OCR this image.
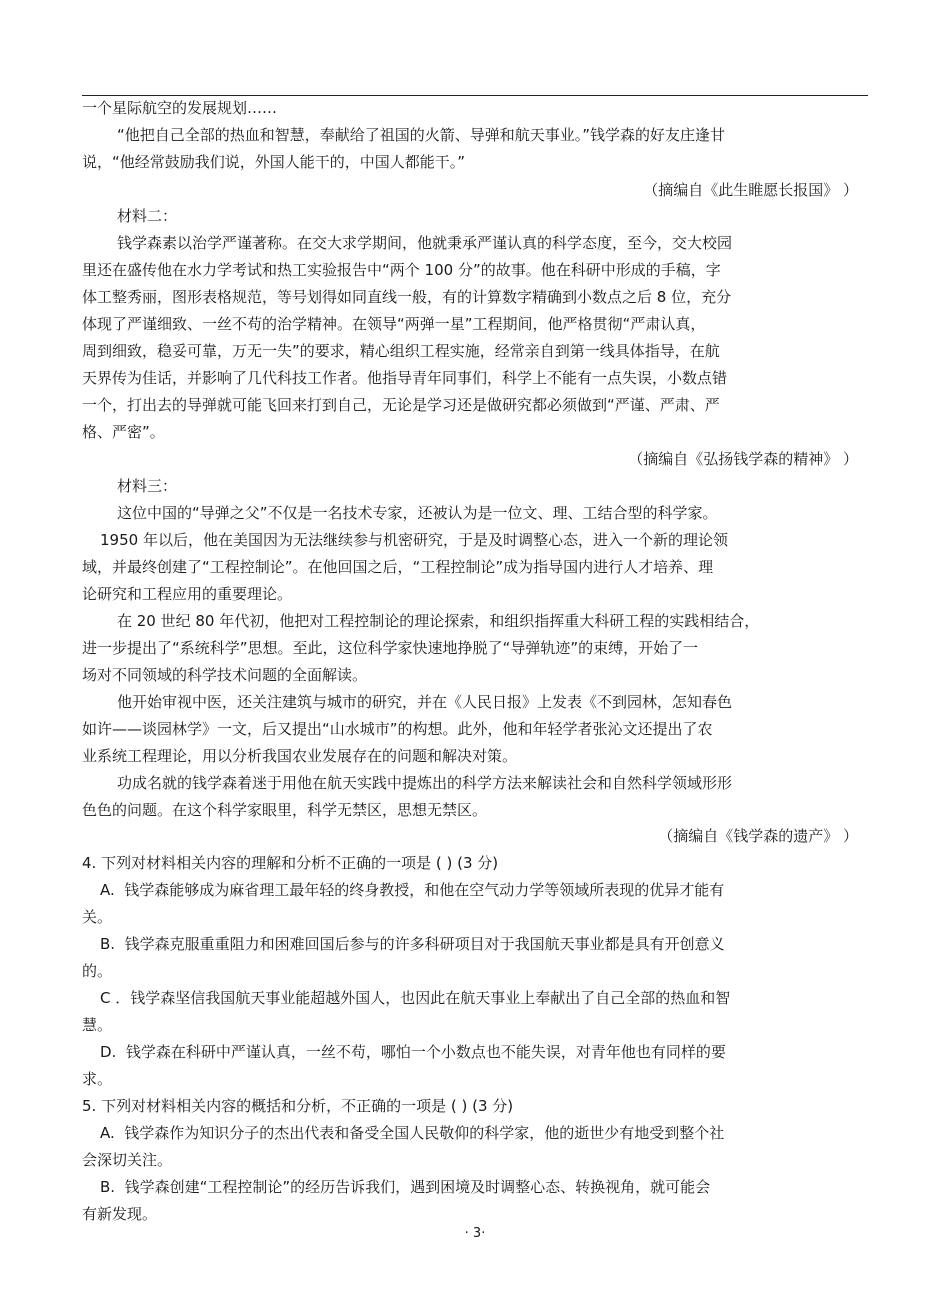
一个星际航空的发展规划……
“他把自己全部的热血和智慧，奉献给了祖国的火箭、导弹和航天事业。”钱学森的好友庄逢甘
说，“他经常鼓励我们说，外国人能干的，中国人都能干。”
（摘编自《此生睢愿长报国》 ）
材料二：
钱学森素以治学严谨著称。在交大求学期间，他就秉承严谨认真的科学态度，至今，交大校园
里还在盛传他在水力学考试和热工实验报告中“两个 100 分”的故事。他在科研中形成的手稿，字
体工整秀丽，图形表格规范，等号划得如同直线一般，有的计算数字精确到小数点之后 8 位，充分
体现了严谨细致、一丝不苟的治学精神。在领导“两弹一星”工程期间，他严格贯彻“严肃认真，
周到细致，稳妥可靠，万无一失”的要求，精心组织工程实施，经常亲自到第一线具体指导，在航
天界传为佳话，并影响了几代科技工作者。他指导青年同事们，科学上不能有一点失误，小数点错
一个，打出去的导弹就可能飞回来打到自己，无论是学习还是做研究都必须做到“严谨、严肃、严
格、严密”。
（摘编自《弘扬钱学森的精神》 ）
材料三：
这位中国的“导弹之父”不仅是一名技术专家，还被认为是一位文、理、工结合型的科学家。
1950 年以后，他在美国因为无法继续参与机密研究，于是及时调整心态，进入一个新的理论领
域，并最终创建了“工程控制论”。在他回国之后，“工程控制论”成为指导国内进行人才培养、理
论研究和工程应用的重要理论。
在 20 世纪 80 年代初，他把对工程控制论的理论探索，和组织指挥重大科研工程的实践相结合，
进一步提出了“系统科学”思想。至此，这位科学家快速地挣脱了“导弹轨迹”的束缚，开始了一
场对不同领域的科学技术问题的全面解读。
他开始审视中医，还关注建筑与城市的研究，并在《人民日报》上发表《不到园林，怎知春色
如许——谈园林学》一文，后又提出“山水城市”的构想。此外，他和年轻学者张沁文还提出了农
业系统工程理论，用以分析我国农业发展存在的问题和解决对策。
功成名就的钱学森着迷于用他在航天实践中提炼出的科学方法来解读社会和自然科学领域形形
色色的问题。在这个科学家眼里，科学无禁区，思想无禁区。
（摘编自《钱学森的遗产》 ）
4. 下列对材料相关内容的理解和分析不正确的一项是 ( ) (3 分)
A.  钱学森能够成为麻省理工最年轻的终身教授，和他在空气动力学等领域所表现的优异才能有
关。
B.  钱学森克服重重阻力和困难回国后参与的许多科研项目对于我国航天事业都是具有开创意义
的。
C ．钱学森坚信我国航天事业能超越外国人，也因此在航天事业上奉献出了自己全部的热血和智
慧。
D.  钱学森在科研中严谨认真，一丝不苟，哪怕一个小数点也不能失误，对青年他也有同样的要
求。
5. 下列对材料相关内容的概括和分析，不正确的一项是 ( ) (3 分)
A.  钱学森作为知识分子的杰出代表和备受全国人民敬仰的科学家，他的逝世少有地受到整个社
会深切关注。
B.  钱学森创建“工程控制论”的经历告诉我们，遇到困境及时调整心态、转换视角，就可能会
有新发现。
· 3·
